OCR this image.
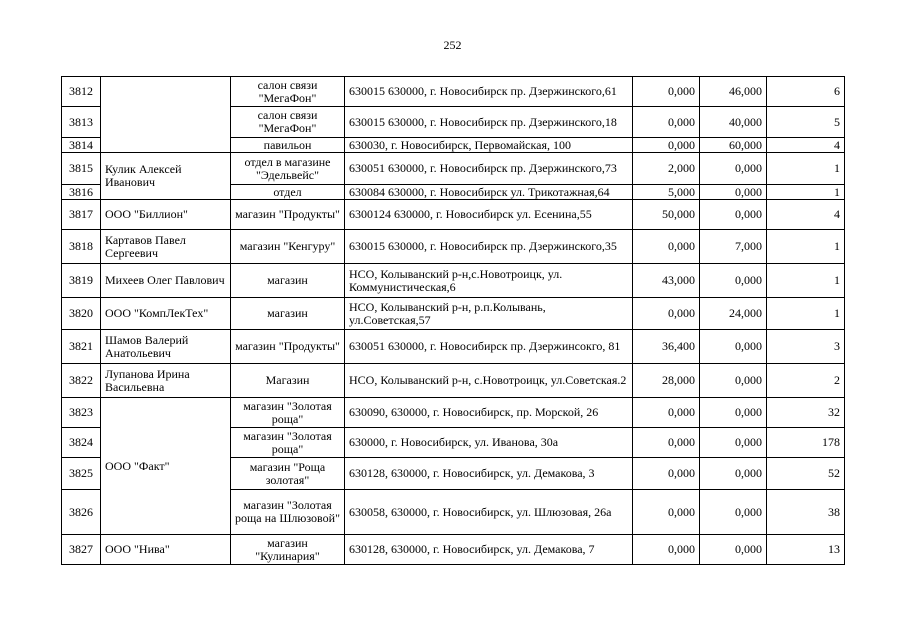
252
3812		салон связи "МегаФон"	630015 630000, г. Новосибирск пр. Дзержинского,61	0,000	46,000	6
3813		салон связи "МегаФон"	630015 630000, г. Новосибирск пр. Дзержинского,18	0,000	40,000	5
3814		павильон	630030, г. Новосибирск, Первомайская, 100	0,000	60,000	4
3815	Кулик Алексей Иванович	отдел в магазине "Эдельвейс"	630051 630000, г. Новосибирск пр. Дзержинского,73	2,000	0,000	1
3816		отдел	630084 630000, г. Новосибирск ул. Трикотажная,64	5,000	0,000	1
3817	ООО "Биллион"	магазин "Продукты"	6300124 630000, г. Новосибирск ул. Есенина,55	50,000	0,000	4
3818	Картавов Павел Сергеевич	магазин "Кенгуру"	630015 630000, г. Новосибирск пр. Дзержинского,35	0,000	7,000	1
3819	Михеев Олег Павлович	магазин	НСО, Колыванский р-н,с.Новотроицк, ул. Коммунистическая,6	43,000	0,000	1
3820	ООО "КомпЛекТех"	магазин	НСО, Колыванский р-н, р.п.Колывань, ул.Советская,57	0,000	24,000	1
3821	Шамов Валерий Анатольевич	магазин "Продукты"	630051 630000, г. Новосибирск пр. Дзержинсокго, 81	36,400	0,000	3
3822	Лупанова Ирина Васильевна	Магазин	НСО, Колыванский р-н, с.Новотроицк, ул.Советская.2	28,000	0,000	2
3823	ООО "Факт"	магазин "Золотая роща"	630090, 630000, г. Новосибирск, пр. Морской, 26	0,000	0,000	32
3824		магазин "Золотая роща"	630000, г. Новосибирск, ул. Иванова, 30а	0,000	0,000	178
3825		магазин "Роща золотая"	630128, 630000, г. Новосибирск, ул. Демакова, 3	0,000	0,000	52
3826		магазин "Золотая роща на Шлюзовой"	630058, 630000, г. Новосибирск, ул. Шлюзовая, 26а	0,000	0,000	38
3827	ООО "Нива"	магазин "Кулинария"	630128, 630000, г. Новосибирск, ул. Демакова, 7	0,000	0,000	13
